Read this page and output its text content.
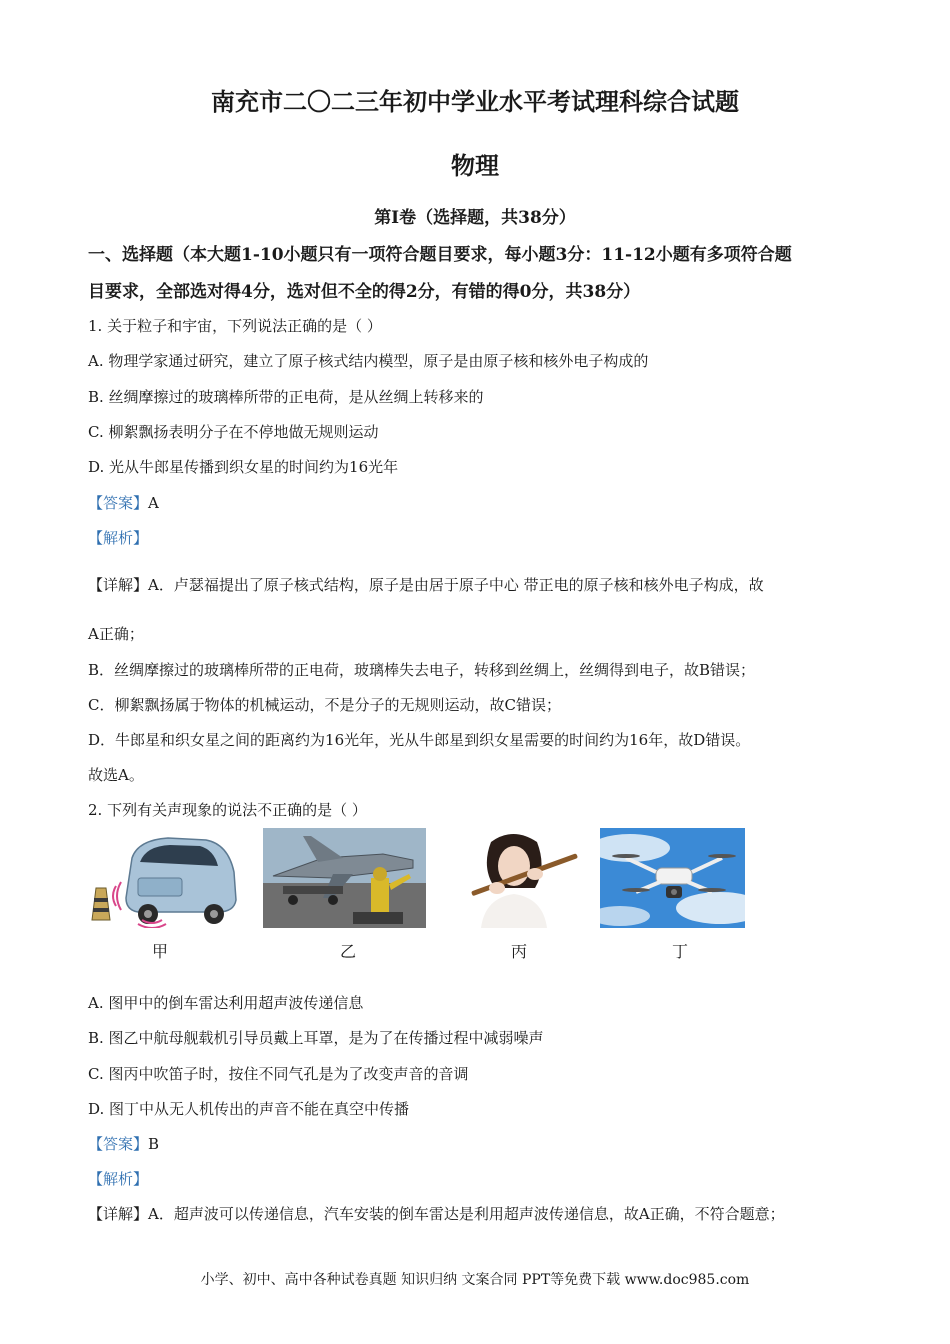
南充市二〇二三年初中学业水平考试理科综合试题
物理
第Ⅰ卷（选择题，共38分）
一、选择题（本大题1-10小题只有一项符合题目要求，每小题3分：11-12小题有多项符合题
目要求，全部选对得4分，选对但不全的得2分，有错的得0分，共38分）
1. 关于粒子和宇宙，下列说法正确的是（ ）
A. 物理学家通过研究，建立了原子核式结内模型，原子是由原子核和核外电子构成的
B. 丝绸摩擦过的玻璃棒所带的正电荷，是从丝绸上转移来的
C. 柳絮飘扬表明分子在不停地做无规则运动
D. 光从牛郎星传播到织女星的时间约为16光年
【答案】A
【解析】
【详解】A．卢瑟福提出了原子核式结构，原子是由居于原子中心 带正电的原子核和核外电子构成，故
A正确；
B．丝绸摩擦过的玻璃棒所带的正电荷，玻璃棒失去电子，转移到丝绸上，丝绸得到电子，故B错误；
C．柳絮飘扬属于物体的机械运动，不是分子的无规则运动，故C错误；
D．牛郎星和织女星之间的距离约为16光年，光从牛郎星到织女星需要的时间约为16年，故D错误。
故选A。
2. 下列有关声现象的说法不正确的是（ ）
甲	乙	丙	丁
A. 图甲中的倒车雷达利用超声波传递信息
B. 图乙中航母舰载机引导员戴上耳罩，是为了在传播过程中减弱噪声
C. 图丙中吹笛子时，按住不同气孔是为了改变声音的音调
D. 图丁中从无人机传出的声音不能在真空中传播
【答案】B
【解析】
【详解】A．超声波可以传递信息，汽车安装的倒车雷达是利用超声波传递信息，故A正确，不符合题意；
小学、初中、高中各种试卷真题 知识归纳 文案合同 PPT等免费下载 www.doc985.com
